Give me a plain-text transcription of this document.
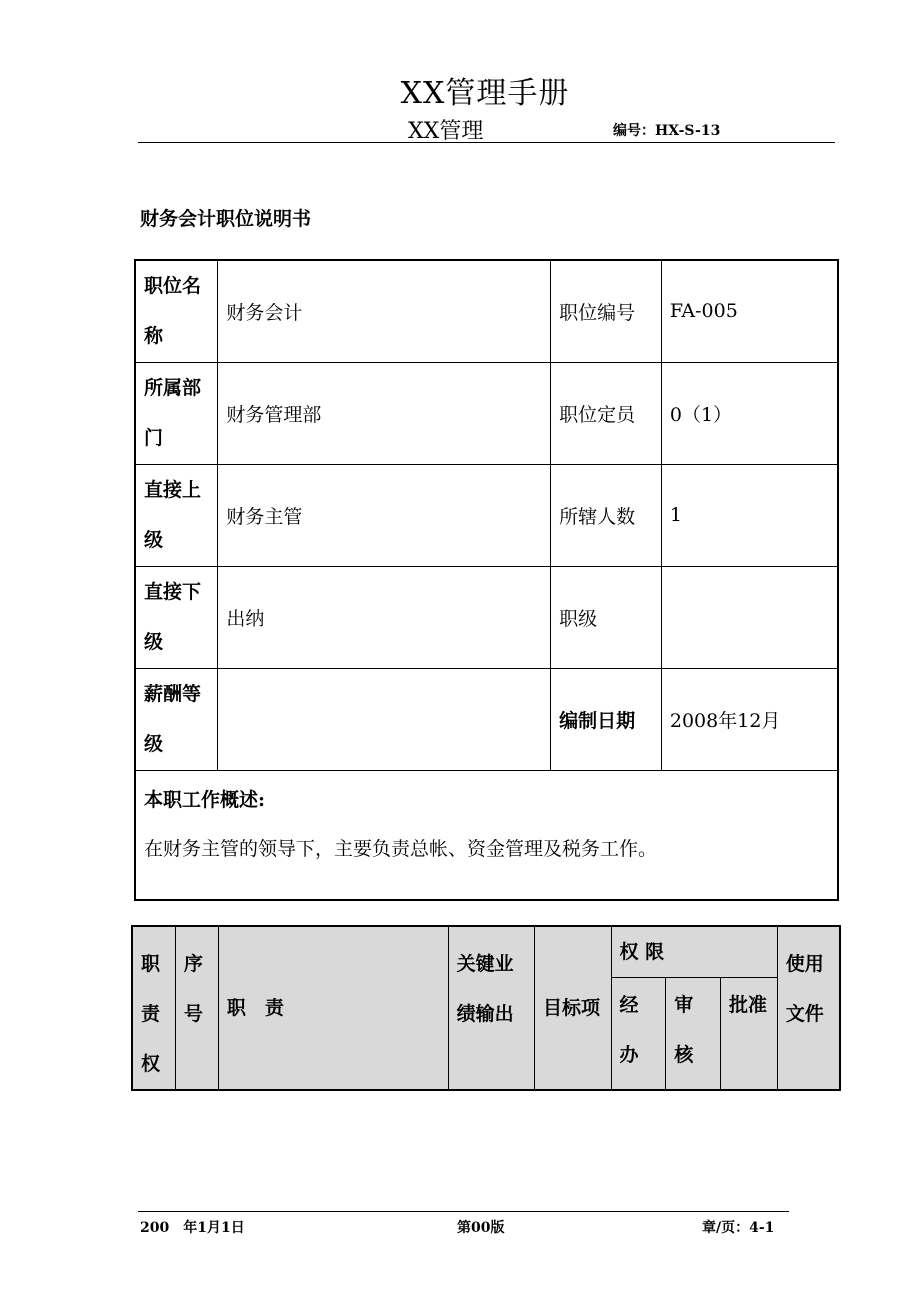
XX管理手册
XX管理	编号：HX-S-13
财务会计职位说明书
职位名称	财务会计	职位编号	FA-005
所属部门	财务管理部	职位定员	0（1）
直接上级	财务主管	所辖人数	1
直接下级	出纳	职级	
薪酬等级		编制日期	2008年12月

本职工作概述:
在财务主管的领导下，主要负责总帐、资金管理及税务工作。			
职责权	序号	职　责	关键业绩输出	目标项	权 限			使用文件
					经办	审核	批准	
200　年1月1日	第00版	章/页：4-1
